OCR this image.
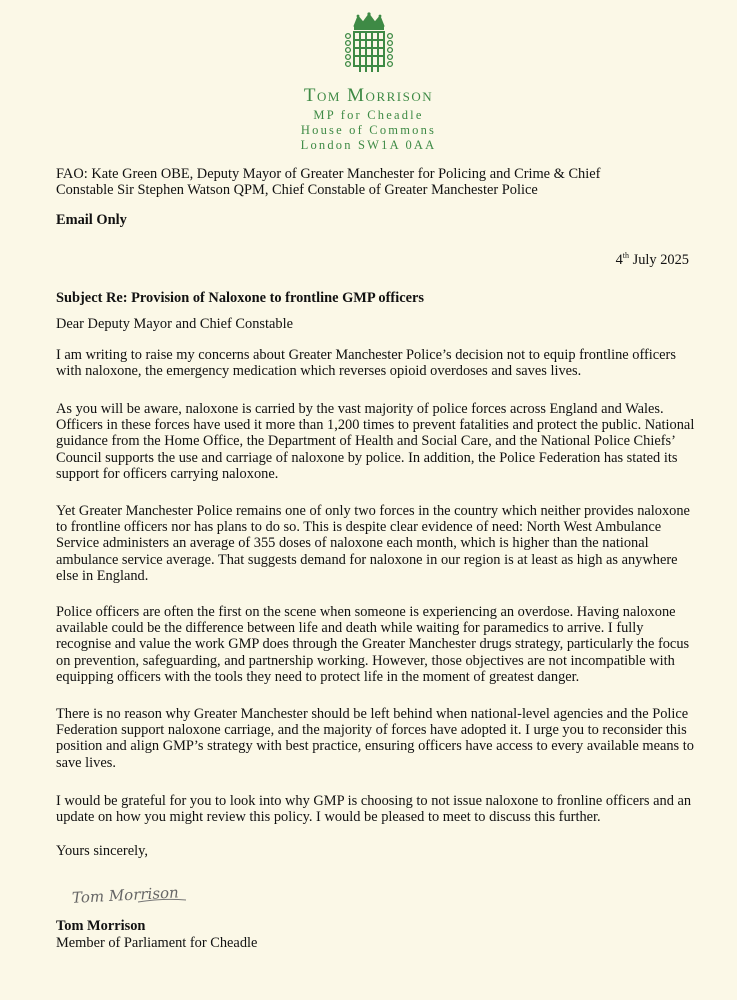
Tom Morrison
MP for Cheadle
House of Commons
London SW1A 0AA

FAO: Kate Green OBE, Deputy Mayor of Greater Manchester for Policing and Crime & Chief Constable Sir Stephen Watson QPM, Chief Constable of Greater Manchester Police

Email Only

4th July 2025

Subject Re: Provision of Naloxone to frontline GMP officers

Dear Deputy Mayor and Chief Constable

I am writing to raise my concerns about Greater Manchester Police’s decision not to equip frontline officers with naloxone, the emergency medication which reverses opioid overdoses and saves lives.

As you will be aware, naloxone is carried by the vast majority of police forces across England and Wales. Officers in these forces have used it more than 1,200 times to prevent fatalities and protect the public. National guidance from the Home Office, the Department of Health and Social Care, and the National Police Chiefs’ Council supports the use and carriage of naloxone by police. In addition, the Police Federation has stated its support for officers carrying naloxone.

Yet Greater Manchester Police remains one of only two forces in the country which neither provides naloxone to frontline officers nor has plans to do so. This is despite clear evidence of need: North West Ambulance Service administers an average of 355 doses of naloxone each month, which is higher than the national ambulance service average. That suggests demand for naloxone in our region is at least as high as anywhere else in England.

Police officers are often the first on the scene when someone is experiencing an overdose. Having naloxone available could be the difference between life and death while waiting for paramedics to arrive. I fully recognise and value the work GMP does through the Greater Manchester drugs strategy, particularly the focus on prevention, safeguarding, and partnership working. However, those objectives are not incompatible with equipping officers with the tools they need to protect life in the moment of greatest danger.

There is no reason why Greater Manchester should be left behind when national-level agencies and the Police Federation support naloxone carriage, and the majority of forces have adopted it. I urge you to reconsider this position and align GMP’s strategy with best practice, ensuring officers have access to every available means to save lives.

I would be grateful for you to look into why GMP is choosing to not issue naloxone to fronline officers and an update on how you might review this policy. I would be pleased to meet to discuss this further.

Yours sincerely,

Tom Morrison

Tom Morrison

Member of Parliament for Cheadle
